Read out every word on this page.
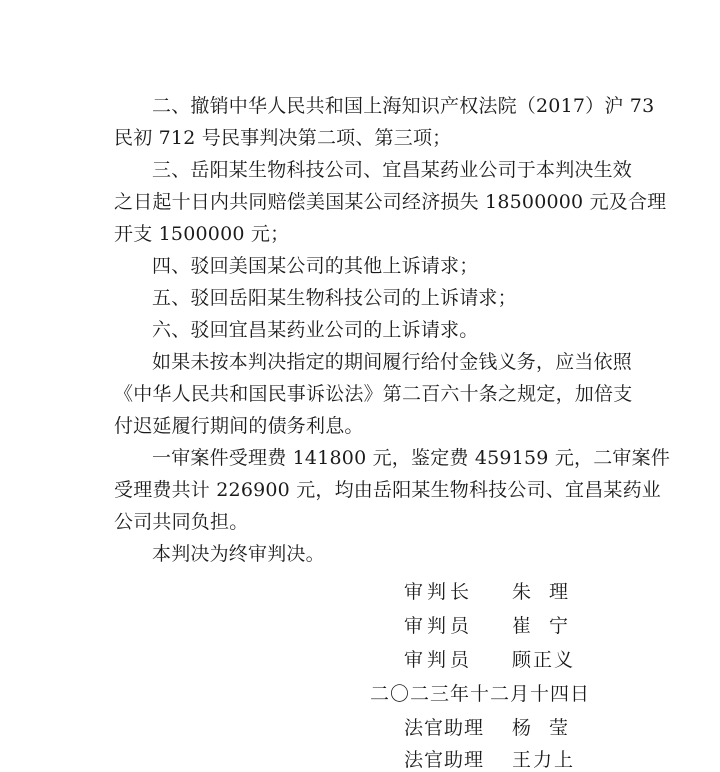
二、撤销中华人民共和国上海知识产权法院（2017）沪 73
民初 712 号民事判决第二项、第三项；
三、岳阳某生物科技公司、宜昌某药业公司于本判决生效
之日起十日内共同赔偿美国某公司经济损失 18500000 元及合理
开支 1500000 元；
四、驳回美国某公司的其他上诉请求；
五、驳回岳阳某生物科技公司的上诉请求；
六、驳回宜昌某药业公司的上诉请求。
如果未按本判决指定的期间履行给付金钱义务，应当依照
《中华人民共和国民事诉讼法》第二百六十条之规定，加倍支
付迟延履行期间的债务利息。
一审案件受理费 141800 元，鉴定费 459159 元，二审案件
受理费共计 226900 元，均由岳阳某生物科技公司、宜昌某药业
公司共同负担。
本判决为终审判决。
审判长 朱 理
审判员 崔 宁
审判员 顾正义
二〇二三年十二月十四日
法官助理 杨 莹
法官助理 王力上
